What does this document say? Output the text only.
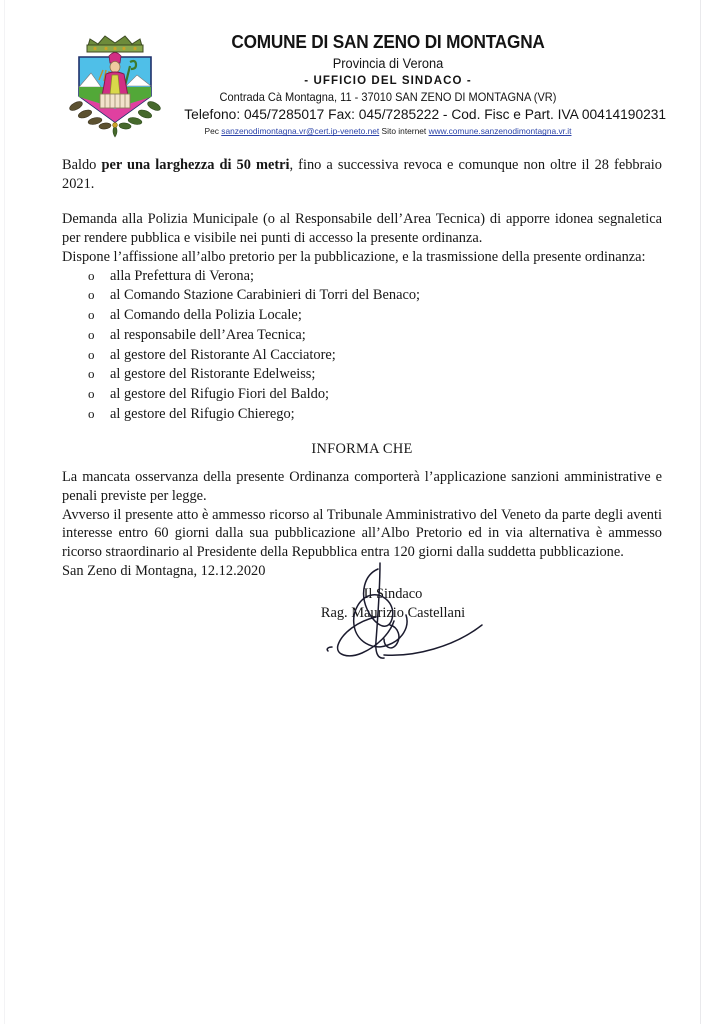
COMUNE DI SAN ZENO DI MONTAGNA
Provincia di Verona
- UFFICIO DEL SINDACO -
Contrada Cà Montagna, 11 - 37010 SAN ZENO DI MONTAGNA (VR)
Telefono: 045/7285017 Fax: 045/7285222 - Cod. Fisc e Part. IVA 00414190231
Pec sanzenodimontagna.vr@cert.ip-veneto.net Sito internet www.comune.sanzenodimontagna.vr.it

Baldo per una larghezza di 50 metri, fino a successiva revoca e comunque non oltre il 28 febbraio 2021.

Demanda alla Polizia Municipale (o al Responsabile dell’Area Tecnica) di apporre idonea segnaletica per rendere pubblica e visibile nei punti di accesso la presente ordinanza.

Dispone l’affissione all’albo pretorio per la pubblicazione, e la trasmissione della presente ordinanza:

o alla Prefettura di Verona;
o al Comando Stazione Carabinieri di Torri del Benaco;
o al Comando della Polizia Locale;
o al responsabile dell’Area Tecnica;
o al gestore del Ristorante Al Cacciatore;
o al gestore del Ristorante Edelweiss;
o al gestore del Rifugio Fiori del Baldo;
o al gestore del Rifugio Chierego;

INFORMA CHE

La mancata osservanza della presente Ordinanza comporterà l’applicazione sanzioni amministrative e penali previste per legge.

Avverso il presente atto è ammesso ricorso al Tribunale Amministrativo del Veneto da parte degli aventi interesse entro 60 giorni dalla sua pubblicazione all’Albo Pretorio ed in via alternativa è ammesso ricorso straordinario al Presidente della Repubblica entra 120 giorni dalla suddetta pubblicazione.

San Zeno di Montagna, 12.12.2020

Il Sindaco
Rag. Maurizio Castellani
